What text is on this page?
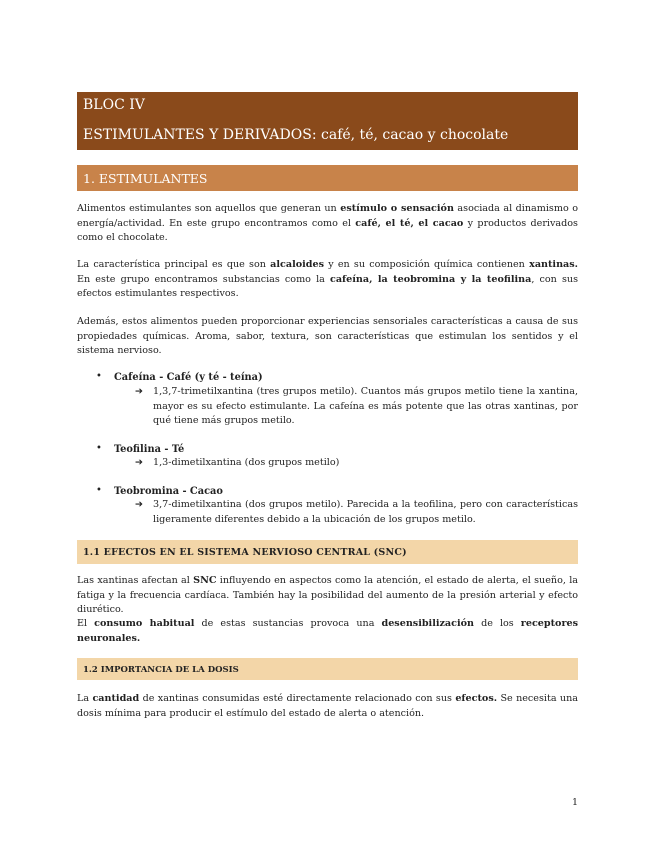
BLOC IV
ESTIMULANTES Y DERIVADOS: café, té, cacao y chocolate
1. ESTIMULANTES
Alimentos estimulantes son aquellos que generan un estímulo o sensación asociada al dinamismo o energía/actividad. En este grupo encontramos como el café, el té, el cacao y productos derivados como el chocolate.
La característica principal es que son alcaloides y en su composición química contienen xantinas. En este grupo encontramos substancias como la cafeína, la teobromina y la teofilina, con sus efectos estimulantes respectivos.
Además, estos alimentos pueden proporcionar experiencias sensoriales características a causa de sus propiedades químicas. Aroma, sabor, textura, son características que estimulan los sentidos y el sistema nervioso.
• Cafeína - Café (y té - teína)
➔ 1,3,7-trimetilxantina (tres grupos metilo). Cuantos más grupos metilo tiene la xantina, mayor es su efecto estimulante. La cafeína es más potente que las otras xantinas, por qué tiene más grupos metilo.
• Teofilina - Té
➔ 1,3-dimetilxantina (dos grupos metilo)
• Teobromina - Cacao
➔ 3,7-dimetilxantina (dos grupos metilo). Parecida a la teofilina, pero con características ligeramente diferentes debido a la ubicación de los grupos metilo.
1.1 EFECTOS EN EL SISTEMA NERVIOSO CENTRAL (SNC)
Las xantinas afectan al SNC influyendo en aspectos como la atención, el estado de alerta, el sueño, la fatiga y la frecuencia cardíaca. También hay la posibilidad del aumento de la presión arterial y efecto diurético.
El consumo habitual de estas sustancias provoca una desensibilización de los receptores neuronales.
1.2 IMPORTANCIA DE LA DOSIS
La cantidad de xantinas consumidas esté directamente relacionado con sus efectos. Se necesita una dosis mínima para producir el estímulo del estado de alerta o atención.
1
